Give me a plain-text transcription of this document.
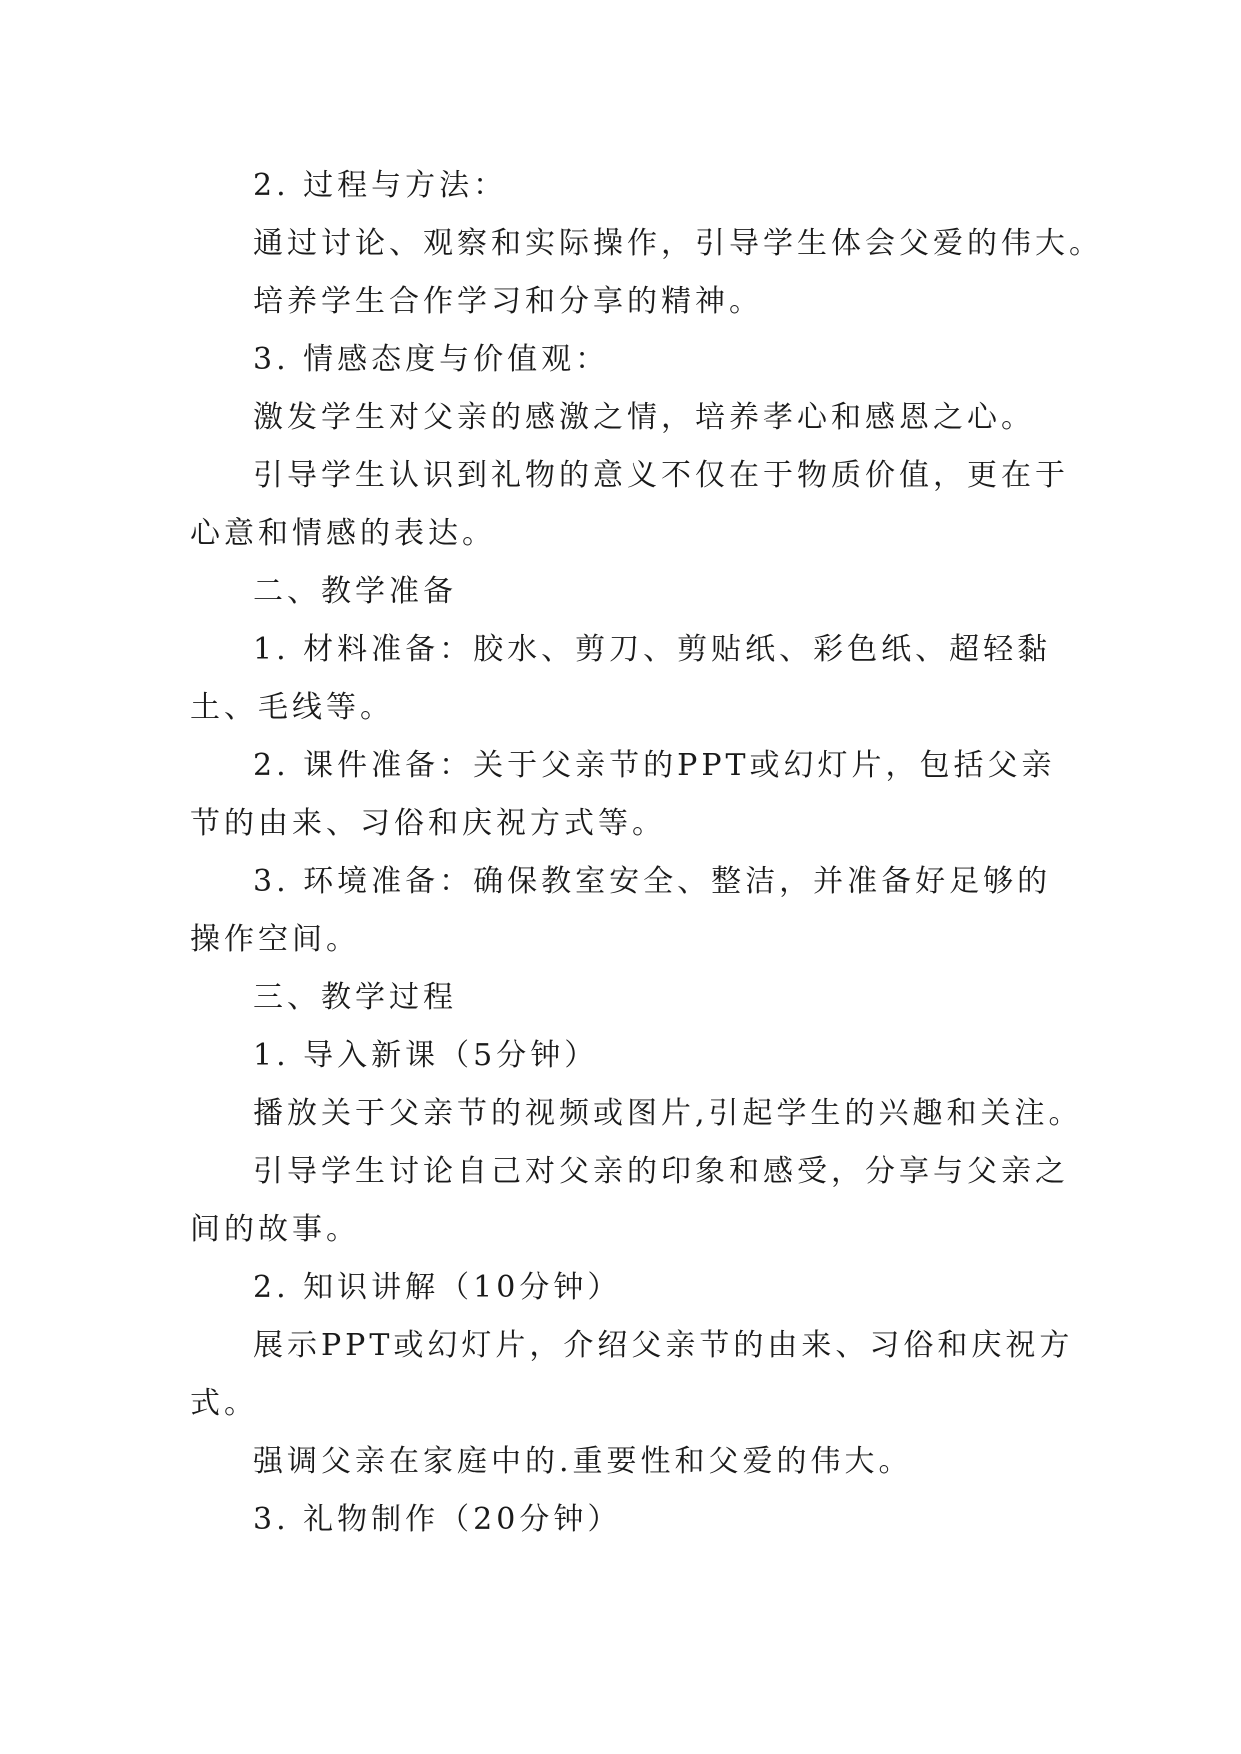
2. 过程与方法：
通过讨论、观察和实际操作，引导学生体会父爱的伟大。
培养学生合作学习和分享的精神。
3. 情感态度与价值观：
激发学生对父亲的感激之情，培养孝心和感恩之心。
引导学生认识到礼物的意义不仅在于物质价值，更在于
心意和情感的表达。
二、教学准备
1. 材料准备：胶水、剪刀、剪贴纸、彩色纸、超轻黏
土、毛线等。
2. 课件准备：关于父亲节的PPT或幻灯片，包括父亲
节的由来、习俗和庆祝方式等。
3. 环境准备：确保教室安全、整洁，并准备好足够的
操作空间。
三、教学过程
1. 导入新课（5分钟）
播放关于父亲节的视频或图片,引起学生的兴趣和关注。
引导学生讨论自己对父亲的印象和感受，分享与父亲之
间的故事。
2. 知识讲解（10分钟）
展示PPT或幻灯片，介绍父亲节的由来、习俗和庆祝方
式。
强调父亲在家庭中的.重要性和父爱的伟大。
3. 礼物制作（20分钟）
